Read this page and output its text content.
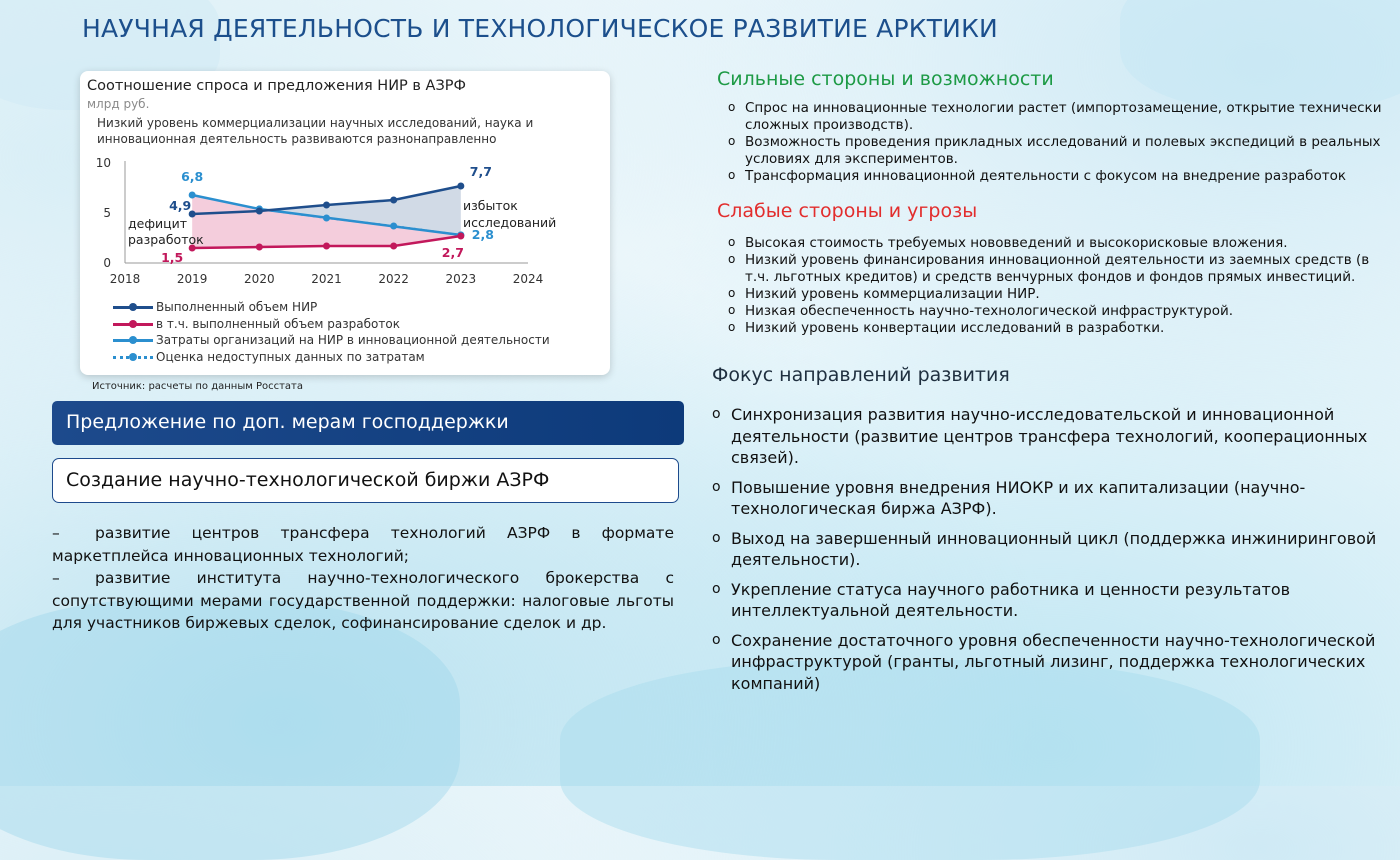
НАУЧНАЯ ДЕЯТЕЛЬНОСТЬ И ТЕХНОЛОГИЧЕСКОЕ РАЗВИТИЕ АРКТИКИ
Соотношение спроса и предложения НИР в АЗРФ
млрд руб.
Низкий уровень коммерциализации научных исследований, наука и инновационная деятельность развиваются разнонаправленно
10
5
0
2018	2019	2020	2021	2022	2023	2024
4,9
7,7
1,5	2,7
6,8
2,8
дефицит
разработок
избыток
исследований
Выполненный объем НИР
в т.ч. выполненный объем разработок
Затраты организаций на НИР в инновационной деятельности
Оценка недоступных данных по затратам
Источник: расчеты по данным Росстата
Предложение по доп. мерам господдержки
Создание научно-технологической биржи АЗРФ

– развитие центров трансфера технологий АЗРФ в формате маркетплейса инновационных технологий;

– развитие института научно-технологического брокерства с сопутствующими мерами государственной поддержки: налоговые льготы для участников биржевых сделок, софинансирование сделок и др.

Сильные стороны и возможности
o Спрос на инновационные технологии растет (импортозамещение, открытие технически сложных производств).
o Возможность проведения прикладных исследований и полевых экспедиций в реальных условиях для экспериментов.
o Трансформация инновационной деятельности с фокусом на внедрение разработок
Слабые стороны и угрозы
o Высокая стоимость требуемых нововведений и высокорисковые вложения.
o Низкий уровень финансирования инновационной деятельности из заемных средств (в т.ч. льготных кредитов) и средств венчурных фондов и фондов прямых инвестиций.
o Низкий уровень коммерциализации НИР.
o Низкая обеспеченность научно-технологической инфраструктурой.
o Низкий уровень конвертации исследований в разработки.
Фокус направлений развития
o Синхронизация развития научно-исследовательской и инновационной деятельности (развитие центров трансфера технологий, кооперационных связей).
o Повышение уровня внедрения НИОКР и их капитализации (научно-технологическая биржа АЗРФ).
o Выход на завершенный инновационный цикл (поддержка инжиниринговой деятельности).
o Укрепление статуса научного работника и ценности результатов интеллектуальной деятельности.
o Сохранение достаточного уровня обеспеченности научно-технологической инфраструктурой (гранты, льготный лизинг, поддержка технологических компаний)
